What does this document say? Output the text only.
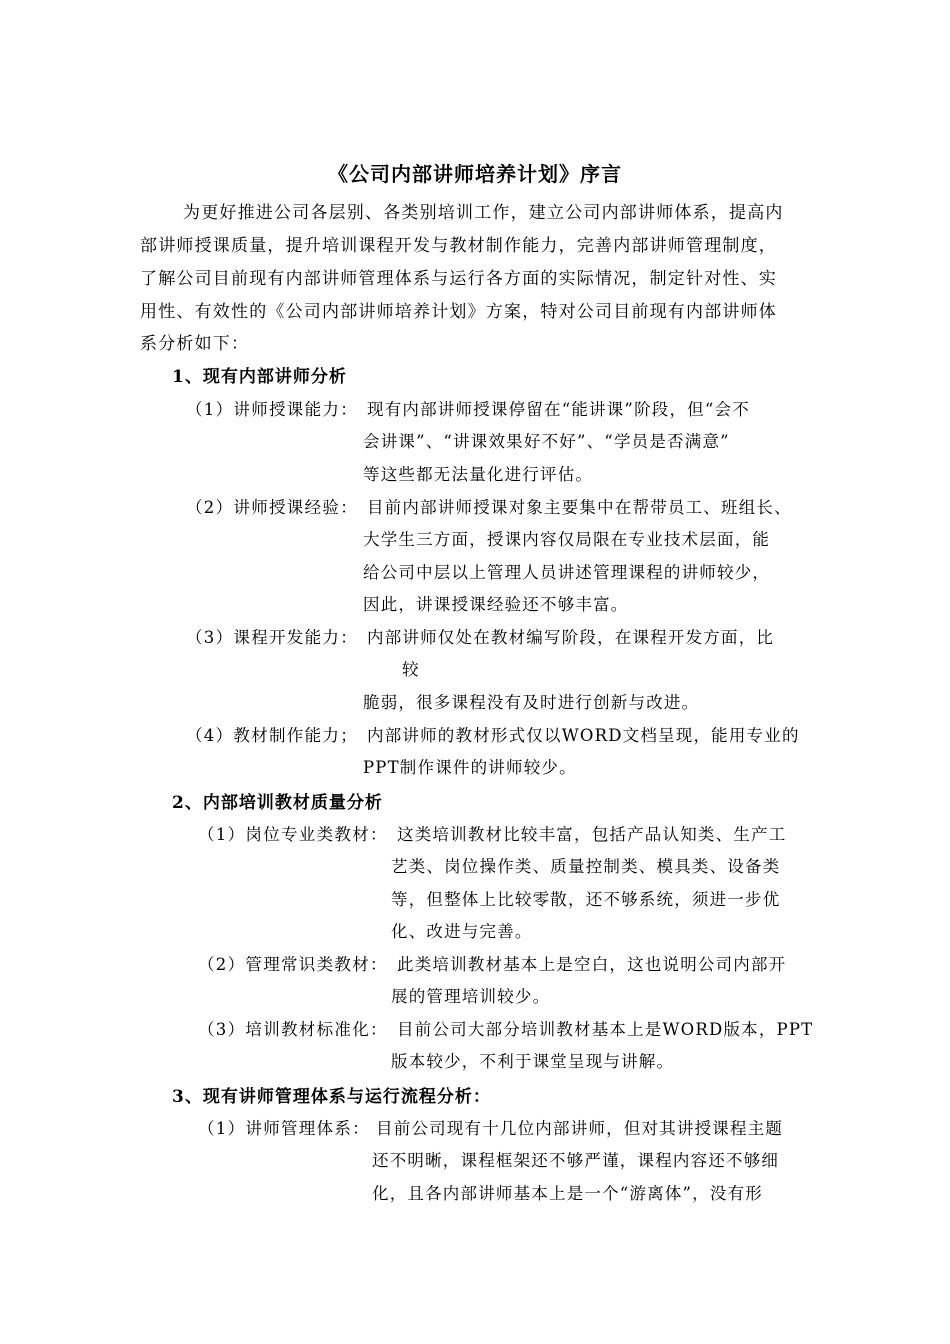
《公司内部讲师培养计划》序言
为更好推进公司各层别、各类别培训工作，建立公司内部讲师体系，提高内
部讲师授课质量，提升培训课程开发与教材制作能力，完善内部讲师管理制度，
了解公司目前现有内部讲师管理体系与运行各方面的实际情况，制定针对性、实
用性、有效性的《公司内部讲师培养计划》方案，特对公司目前现有内部讲师体
系分析如下：
1、现有内部讲师分析
（1）讲师授课能力： 现有内部讲师授课停留在“能讲课”阶段，但“会不
会讲课”、“讲课效果好不好”、“学员是否满意”
等这些都无法量化进行评估。
（2）讲师授课经验： 目前内部讲师授课对象主要集中在帮带员工、班组长、
大学生三方面，授课内容仅局限在专业技术层面，能
给公司中层以上管理人员讲述管理课程的讲师较少，
因此，讲课授课经验还不够丰富。
（3）课程开发能力： 内部讲师仅处在教材编写阶段，在课程开发方面，比
较
脆弱，很多课程没有及时进行创新与改进。
（4）教材制作能力； 内部讲师的教材形式仅以WORD文档呈现，能用专业的
PPT制作课件的讲师较少。
2、内部培训教材质量分析
（1）岗位专业类教材： 这类培训教材比较丰富，包括产品认知类、生产工
艺类、岗位操作类、质量控制类、模具类、设备类
等，但整体上比较零散，还不够系统，须进一步优
化、改进与完善。
（2）管理常识类教材： 此类培训教材基本上是空白，这也说明公司内部开
展的管理培训较少。
（3）培训教材标准化： 目前公司大部分培训教材基本上是WORD版本，PPT
版本较少，不利于课堂呈现与讲解。
3、现有讲师管理体系与运行流程分析：
（1）讲师管理体系： 目前公司现有十几位内部讲师，但对其讲授课程主题
还不明晰，课程框架还不够严谨，课程内容还不够细
化，且各内部讲师基本上是一个“游离体”，没有形
